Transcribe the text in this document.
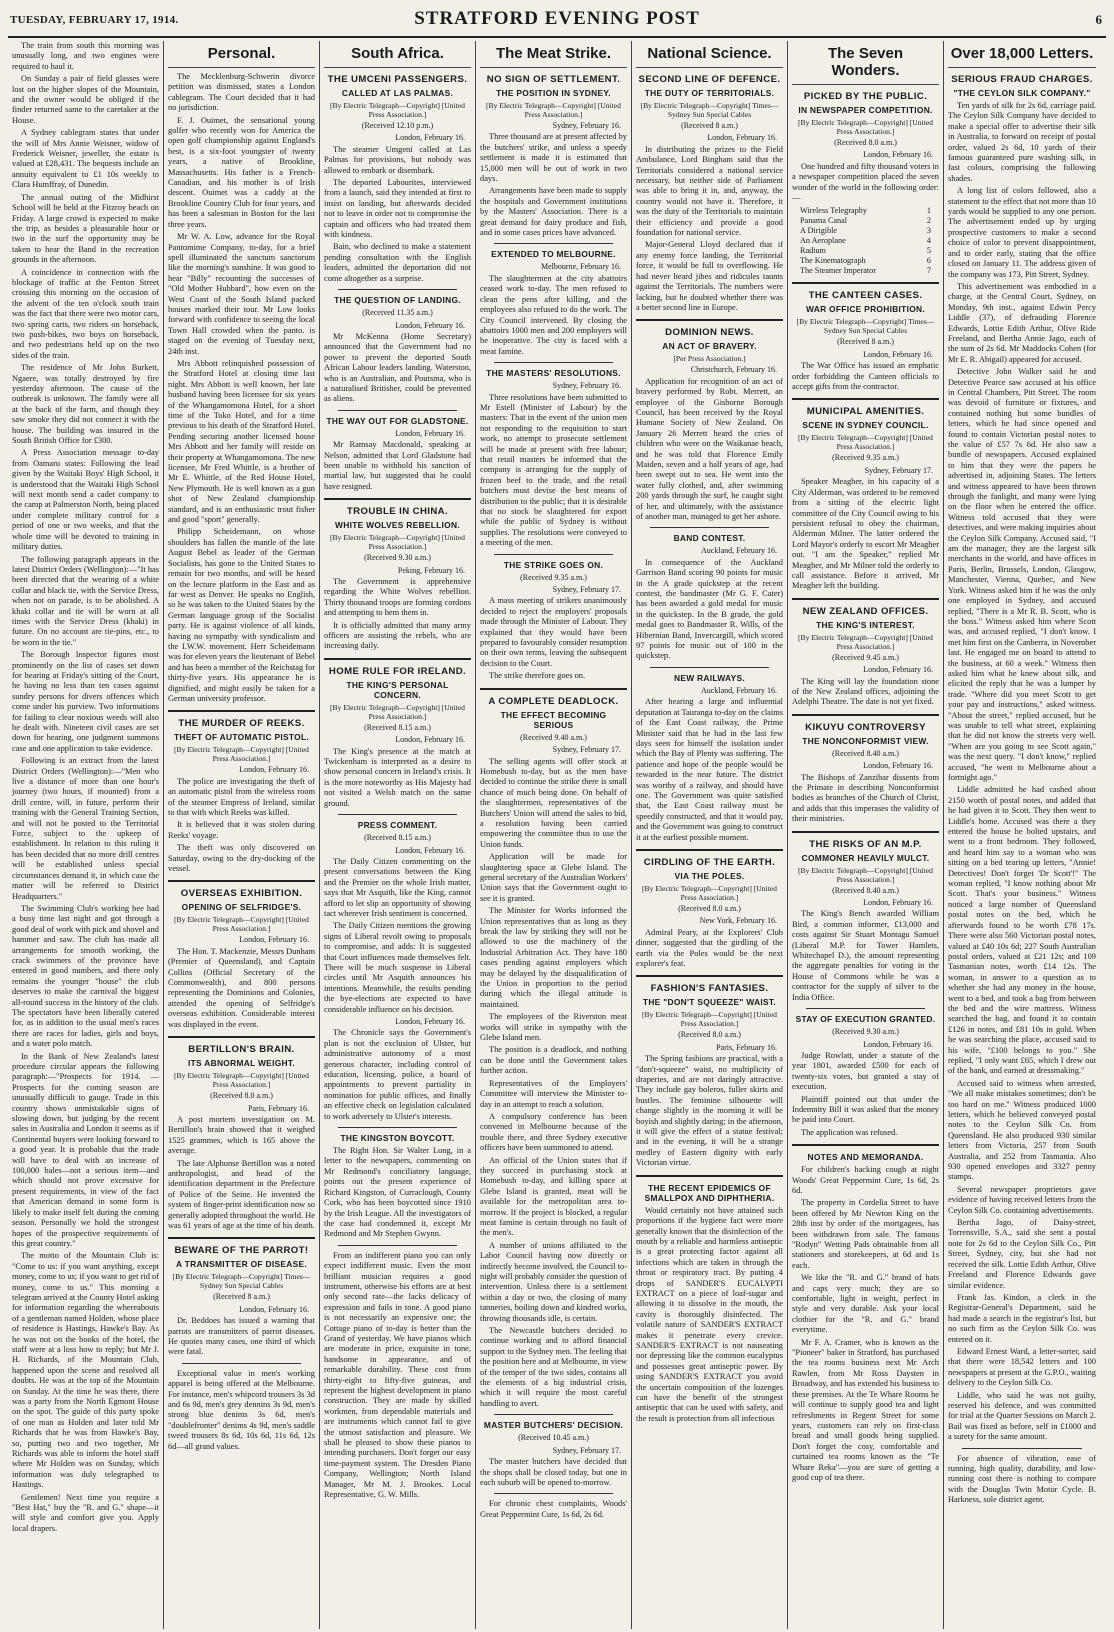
TUESDAY, FEBRUARY 17, 1914.	STRATFORD EVENING POST	6

The train from south this morning was unusually long, and two engines were required to haul it.

On Sunday a pair of field glasses were lost on the higher slopes of the Mountain, and the owner would be obliged if the finder returned same to the caretaker at the House.

A Sydney cablegram states that under the will of Mrs Annie Weisner, widow of Frederick Weisner, jeweller, the estate is valued at £28,431. The bequests include an annuity equivalent to £1 10s weekly to Clara Humffray, of Dunedin.

The annual outing of the Midhirst School will be held at the Fitzroy beach on Friday. A large crowd is expected to make the trip, as besides a pleasurable hour or two in the surf the opportunity may be taken to hear the Band in the recreation grounds in the afternoon.

A coincidence in connection with the blockage of traffic at the Fenton Street crossing this morning on the occasion of the advent of the ten o'clock south train was the fact that there were two motor cars, two spring carts, two riders on horseback, two push-bikes, two boys on horseback, and two pedestrians held up on the two sides of the train.

The residence of Mr John Burkett, Ngaere, was totally destroyed by fire yesterday afternoon. The cause of the outbreak is unknown. The family were all at the back of the farm, and though they saw smoke they did not connect it with the house. The building was insured in the South British Office for £300.

A Press Association message to-day from Oamaru states: Following the lead given by the Waitaki Boys' High School, it is understood that the Waitaki High School will next month send a cadet company to the camp at Palmerston North, being placed under complete military control for a period of one or two weeks, and that the whole time will be devoted to training in military duties.

The following paragraph appears in the latest District Orders (Wellington):—"It has been directed that the wearing of a white collar and black tie, with the Service Dress, when not on parade, is to be abolished. A khaki collar and tie will be worn at all times with the Service Dress (khaki) in future. On no account are tie-pins, etc., to be worn in the tie."

The Borough Inspector figures most prominently on the list of cases set down for hearing at Friday's sitting of the Court, he having no less than ten cases against sundry persons for divers offences which come under his purview. Two informations for failing to clear noxious weeds will also be dealt with. Nineteen civil cases are set down for hearing, one judgment summons case and one application to take evidence.

Following is an extract from the latest District Orders (Wellington):—"Men who live a distance of more than one hour's journey (two hours, if mounted) from a drill centre, will, in future, perform their training with the General Training Section, and will not be posted to the Territorial Force, subject to the upkeep of establishment. In relation to this ruling it has been decided that no more drill centres will be established unless special circumstances demand it, in which case the matter will be referred to District Headquarters."

The Swimming Club's working bee had a busy time last night and got through a good deal of work with pick and shovel and hammer and saw. The club has made all arrangements for smooth working, the crack swimmers of the province have entered in good numbers, and there only remains the younger "house" the club deserves to make the carnival the biggest all-round success in the history of the club. The spectators have been liberally catered for, as in addition to the usual men's races there are races for ladies, girls and boys, and a water polo match.

In the Bank of New Zealand's latest procedure circular appears the following paragraph:—"Prospects for 1914. —Prospects for the coming season are unusually difficult to gauge. Trade in this country shows unmistakable signs of slowing down, but judging by the recent sales in Australia and London it seems as if Continental buyers were looking forward to a good year. It is probable that the trade will have to deal with an increase of 100,000 bales—not a serious item—and which should not prove excessive for present requirements, in view of the fact that American demand in some form is likely to make itself felt during the coming season. Personally we hold the strongest hopes of the prospective requirements of this great country."

The motto of the Mountain Club is: "Come to us: if you want anything, except money, come to us; if you want to get rid of money, come to us." This morning a telegram arrived at the County Hotel asking for information regarding the whereabouts of a gentleman named Holden, whose place of residence is Hastings, Hawke's Bay. As he was not on the books of the hotel, the staff were at a loss how to reply; but Mr J. H. Richards, of the Mountain Club, happened upon the scene and resolved all doubts. He was at the top of the Mountain on Sunday. At the time he was there, there was a party from the North Egmont House on the spot. The guide of this party spoke of one man as Holden and later told Mr Richards that he was from Hawke's Bay, so, putting two and two together, Mr Richards was able to inform the hotel staff where Mr Holden was on Sunday, which information was duly telegraphed to Hastings.

Gentlemen! Next time you require a "Best Hat," buy the "R. and G." shape—it will style and comfort give you. Apply local drapers.

Personal.

The Mecklenburg-Schwerin divorce petition was dismissed, states a London cablegram. The Court decided that it had no jurisdiction.

F. J. Ouimet, the sensational young golfer who recently won for America the open golf championship against England's best, is a six-foot youngster of twenty years, a native of Brookline, Massachusetts. His father is a French-Canadian, and his mother is of Irish descent. Ouimet was a caddy at the Brookline Country Club for four years, and has been a salesman in Boston for the last three years.

Mr W. A. Low, advance for the Royal Pantomime Company, to-day, for a brief spell illuminated the sanctum sanctorum like the morning's sunshine. It was good to hear "Billy" recounting the successes of "Old Mother Hubbard", how even on the West Coast of the South Island packed houses marked their tour. Mr Low looks forward with confidence to seeing the local Town Hall crowded when the panto. is staged on the evening of Tuesday next, 24th inst.

Mrs Abbott relinquished possession of the Stratford Hotel at closing time last night. Mrs Abbott is well known, her late husband having been licensee for six years of the Whangamomona Hotel, for a short time of the Toko Hotel, and for a time previous to his death of the Stratford Hotel. Pending securing another licensed house Mrs Abbott and her family will reside on their property at Whangamomona. The new licensee, Mr Fred Whittle, is a brother of Mr E. Whittle, of the Red House Hotel, New Plymouth. He is well known as a gun shot of New Zealand championship standard, and is an enthusiastic trout fisher and good "sport" generally.

Philipp Scheidemann, on whose shoulders has fallen the mantle of the late August Bebel as leader of the German Socialists, has gone to the United States to remain for two months, and will be heard on the lecture platform in the East and as far west as Denver. He speaks no English, so he was taken to the United States by the German language group of the Socialist party. He is against violence of all kinds, having no sympathy with syndicalism and the I.W.W. movement. Herr Scheidemann was for eleven years the lieutenant of Bebel and has been a member of the Reichstag for thirty-five years. His appearance he is dignified, and might easily be taken for a German university professor.

THE MURDER OF REEKS.
THEFT OF AUTOMATIC PISTOL.
[By Electric Telegraph—Copyright] [United Press Association.]
London, February 16.

The police are investigating the theft of an automatic pistol from the wireless room of the steamer Empress of Ireland, similar to that with which Reeks was killed.

It is believed that it was stolen during Reeks' voyage.

The theft was only discovered on Saturday, owing to the dry-docking of the vessel.

OVERSEAS EXHIBITION.
OPENING OF SELFRIDGE'S.
[By Electric Telegraph—Copyright] [United Press Association.]
London, February 16.

The Hon. T. Mackenzie, Messrs Dunham (Premier of Queensland), and Captain Collins (Official Secretary of the Commonwealth), and 800 persons representing the Dominions and Colonies, attended the opening of Selfridge's overseas exhibition. Considerable interest was displayed in the event.

BERTILLON'S BRAIN.
ITS ABNORMAL WEIGHT.
[By Electric Telegraph—Copyright] [United Press Association.]
(Received 8.0 a.m.)
Paris, February 16.

A post mortem investigation on M. Bertillon's brain showed that it weighed 1525 grammes, which is 165 above the average.

The late Alphonse Bertillon was a noted anthropologist, and head of the identification department in the Prefecture of Police of the Seine. He invented the system of finger-print identification now so generally adopted throughout the world. He was 61 years of age at the time of his death.

BEWARE OF THE PARROT!
A TRANSMITTER OF DISEASE.
[By Electric Telegraph—Copyright] Times—Sydney Sun Special Cables
(Received 8 a.m.)
London, February 16.

Dr. Beddoes has issued a warning that parrots are transmitters of parrot diseases. He quotes many cases, one third of which were fatal.

Exceptional value in men's working apparel is being offered at the Melbourne. For instance, men's whipcord trousers 3s 3d and 6s 9d, men's grey dennins 3s 9d, men's strong blue denims 3s 6d, men's "doublefronter" denims 4s 9d, men's saddle tweed trousers 8s 6d, 10s 6d, 11s 6d, 12s 6d—all grand values.

South Africa.
THE UMCENI PASSENGERS.
CALLED AT LAS PALMAS.
[By Electric Telegraph—Copyright] [United Press Association.]
(Received 12.10 p.m.)
London, February 16.

The steamer Umgeni called at Las Palmas for provisions, but nobody was allowed to embark or disembark.

The deported Labourites, interviewed from a launch, said they intended at first to insist on landing, but afterwards decided not to leave in order not to compromise the captain and officers who had treated them with kindness.

Bain, who declined to make a statement pending consultation with the English leaders, admitted the deportation did not come altogether as a surprise.

THE QUESTION OF LANDING.
(Received 11.35 a.m.)
London, February 16.

Mr McKenna (Home Secretary) announced that the Government had no power to prevent the deported South African Labour leaders landing. Waterston, who is an Australian, and Poutsma, who is a naturalised Britisher, could be prevented as aliens.

THE WAY OUT FOR GLADSTONE.
London, February 16.

Mr Ramsay Macdonald, speaking at Nelson, admitted that Lord Gladstone had been unable to withhold his sanction of martial law, but suggested that he could have resigned.

TROUBLE IN CHINA.
WHITE WOLVES REBELLION.
[By Electric Telegraph—Copyright] [United Press Association.]
(Received 9.30 a.m.)
Peking, February 16.

The Government is apprehensive regarding the White Wolves rebellion. Thirty thousand troops are forming cordons and attempting to hem them in.

It is officially admitted that many army officers are assisting the rebels, who are increasing daily.

HOME RULE FOR IRELAND.
THE KING'S PERSONAL CONCERN.
[By Electric Telegraph—Copyright] [United Press Association.]
(Received 8.15 a.m.)
London, February 16.

The King's presence at the match at Twickenham is interpreted as a desire to show personal concern in Ireland's crisis. It is the more noteworthy as His Majesty had not visited a Welsh match on the same ground.

PRESS COMMENT.
(Received 8.15 a.m.)
London, February 16.

The Daily Citizen commenting on the present conversations between the King and the Premier on the whole Irish matter, says that Mr Asquith, like the King, cannot afford to let slip an opportunity of showing tact wherever Irish sentiment is concerned.

The Daily Citizen mentions the growing signs of Liberal revolt owing to proposals to compromise, and adds: It is suggested that Court influences made themselves felt. There will be much suspense in Liberal circles until Mr Asquith announces his intentions. Meanwhile, the results pending the bye-elections are expected to have considerable influence on his decision.

London, February 16.

The Chronicle says the Government's plan is not the exclusion of Ulster, but administrative autonomy of a most generous character, including control of education, licensing, police, a board of appointments to prevent partiality in nomination for public offices, and finally an effective check on legislation calculated to work adversely to Ulster's interests.

THE KINGSTON BOYCOTT.

The Right Hon. Sir Walter Long, in a letter to the newspapers, commenting on Mr Redmond's conciliatory language, points out the present experience of Richard Kingston, of Curraclough, County Cork, who has been boycotted since 1910 by the Irish League. All the investigators of the case had condemned it, except Mr Redmond and Mr Stephen Gwynn.

From an indifferent piano you can only expect indifferent music. Even the most brilliant musician requires a good instrument, otherwise his efforts are at best only second rate—the lacks delicacy of expression and fails in tone. A good piano is not necessarily an expensive one; the Cottage piano of to-day is better than the Grand of yesterday. We have pianos which are moderate in price, exquisite in tone, handsome in appearance, and of remarkable durability. These cost from thirty-eight to fifty-five guineas, and represent the highest development in piano construction. They are made by skilled workmen, from dependable materials and are instruments which cannot fail to give the utmost satisfaction and pleasure. We shall be pleased to show these pianos to intending purchasers. Don't forget our easy time-payment system. The Dresden Piano Company, Wellington; North Island Manager, Mr M. J. Brookes. Local Representative, G. W. Mills.

The Meat Strike.
NO SIGN OF SETTLEMENT.
THE POSITION IN SYDNEY.
[By Electric Telegraph—Copyright] [United Press Association.]
Sydney, February 16.

Three thousand are at present affected by the butchers' strike, and unless a speedy settlement is made it is estimated that 15,000 men will be out of work in two days.

Arrangements have been made to supply the hospitals and Government institutions by the Masters' Association. There is a great demand for dairy produce and fish, and in some cases prices have advanced.

EXTENDED TO MELBOURNE.
Melbourne, February 16.

The slaughtermen at the city abattoirs ceased work to-day. The men refused to clean the pens after killing, and the employees also refused to do the work. The City Council intervened. By closing the abattoirs 1000 men and 200 employers will be inoperative. The city is faced with a meat famine.

THE MASTERS' RESOLUTIONS.
Sydney, February 16.

Three resolutions have been submitted to Mr Estell (Minister of Labour) by the masters: That in the event of the union men not responding to the requisition to start work, no attempt to prosecute settlement will be made at present with free labour; that retail masters be informed that the company is arranging for the supply of frozen beef to the trade, and the retail butchers must devise the best means of distribution to the public; that it is desirable that no stock be slaughtered for export while the public of Sydney is without supplies. The resolutions were conveyed to a meeting of the men.

THE STRIKE GOES ON.
(Received 9.35 a.m.)
Sydney, February 17.

A mass meeting of strikers unanimously decided to reject the employers' proposals made through the Minister of Labour. They explained that they would have been prepared to favourably consider resumption on their own terms, leaving the subsequent decision to the Court.

The strike therefore goes on.

A COMPLETE DEADLOCK.
THE EFFECT BECOMING SERIOUS
(Received 9.40 a.m.)
Sydney, February 17.

The selling agents will offer stock at Homebush to-day, but as the men have decided to continue the strike there is small chance of much being done. On behalf of the slaughtermen, representatives of the Butchers' Union will attend the sales to bid, a resolution having been carried empowering the committee thus to use the Union funds.

Application will be made for slaughtering space at Glebe Island. The general secretary of the Australian Workers' Union says that the Government ought to see it is granted.

The Minister for Works informed the Union representatives that as long as they break the law by striking they will not be allowed to use the machinery of the Industrial Arbitration Act. They have 180 cases pending against employers which may be delayed by the disqualification of the Union in proportion to the period during which the illegal attitude is maintained.

The employees of the Riverston meat works will strike in sympathy with the Glebe Island men.

The position is a deadlock, and nothing can be done until the Government takes further action.

Representatives of the Employers' Committee will interview the Minister to-day in an attempt to reach a solution.

A compulsory conference has been convened in Melbourne because of the trouble there, and three Sydney executive officers have been summoned to attend.

An official of the Union states that if they succeed in purchasing stock at Homebush to-day, and killing space at Glebe Island is granted, meat will be available for the metropolitan area to-morrow. If the project is blocked, a regular meat famine is certain through no fault of the men's.

A number of unions affiliated to the Labor Council having now directly or indirectly become involved, the Council to-night will probably consider the question of intervention. Unless there is a settlement within a day or two, the closing of many tanneries, boiling down and kindred works, throwing thousands idle, is certain.

The Newcastle butchers decided to continue working and to afford financial support to the Sydney men. The feeling that the position here and at Melbourne, in view of the temper of the two sides, contains all the elements of a big industrial crisis, which it will require the most careful handling to avert.

MASTER BUTCHERS' DECISION.
(Received 10.45 a.m.)
Sydney, February 17.

The master butchers have decided that the shops shall be closed today, but one in each suburb will be opened to-morrow.

For chronic chest complaints, Woods' Great Peppermint Cure, 1s 6d, 2s 6d.

National Science.
SECOND LINE OF DEFENCE.
THE DUTY OF TERRITORIALS.
[By Electric Telegraph—Copyright] Times—Sydney Sun Special Cables
(Received 8 a.m.)
London, February 16.

In distributing the prizes to the Field Ambulance, Lord Bingham said that the Territorials considered a national service necessary, but neither side of Parliament was able to bring it in, and, anyway, the country would not have it. Therefore, it was the duty of the Territorials to maintain their efficiency and provide a good foundation for national service.

Major-General Lloyd declared that if any enemy force landing, the Territorial force, it would be full to overflowing. He had never heard jibes and ridicules taunts against the Territorials. The numbers were lacking, but he doubted whether there was a better second line in Europe.

DOMINION NEWS.
AN ACT OF BRAVERY.
[Per Press Association.]
Christchurch, February 16.

Application for recognition of an act of bravery performed by Robt. Merrett, an employee of the Gisborne Borough Council, has been received by the Royal Humane Society of New Zealand. On January 26 Merrett heard the cries of children who were on the Waikanae beach, and he was told that Florence Emily Maiden, seven and a half years of age, had been swept out to sea. He went into the water fully clothed, and, after swimming 200 yards through the surf, he caught sight of her, and ultimately, with the assistance of another man, managed to get her ashore.

BAND CONTEST.
Auckland, February 16.

In consequence of the Auckland Garrison Band scoring 90 points for music in the A grade quickstep at the recent contest, the bandmaster (Mr G. F. Cater) has been awarded a gold medal for music in the quickstep. In the B grade, the gold medal goes to Bandmaster R. Wills, of the Hibernian Band, Invercargill, which scored 97 points for music out of 100 in the quickstep.

NEW RAILWAYS.
Auckland, February 16.

After hearing a large and influential deputation at Tauranga to-day on the claims of the East Coast railway, the Prime Minister said that he had in the last few days seen for himself the isolation under which the Bay of Plenty was suffering. The patience and hope of the people would be rewarded in the near future. The district was worthy of a railway, and should have one. The Government was quite satisfied that, the East Coast railway must be speedily constructed, and that it would pay, and the Government was going to construct it at the earliest possible moment.

CIRDLING OF THE EARTH.
VIA THE POLES.
[By Electric Telegraph—Copyright] [United Press Association.]
(Received 8.0 a.m.)
New York, February 16.

Admiral Peary, at the Explorers' Club dinner, suggested that the girdling of the earth via the Poles would be the next explorer's feat.

FASHION'S FANTASIES.
THE "DON'T SQUEEZE" WAIST.
[By Electric Telegraph—Copyright] [United Press Association.]
(Received 8.0 a.m.)
Paris, February 16.

The Spring fashions are practical, with a "don't-squeeze" waist, no multiplicity of draperies, and are not daringly attractive. They include gay boleros, fuller skirts and bustles. The feminine silhouette will change slightly in the morning it will be boyish and slightly daring; in the afternoon, it will give the effect of a statue festival; and in the evening, it will be a strange medley of Eastern dignity with early Victorian virtue.

THE RECENT EPIDEMICS OF SMALLPOX AND DIPHTHERIA.

Would certainly not have attained such proportions if the hygiene fact were more generally known that the disinfection of the mouth by a reliable and harmless antiseptic is a great protecting factor against all infections which are taken in through the throat or respiratory tract. By putting 4 drops of SANDER'S EUCALYPTI EXTRACT on a piece of loaf-sugar and allowing it to dissolve in the mouth, the cavity is thoroughly disinfected. The volatile nature of SANDER'S EXTRACT makes it penetrate every crevice. SANDER'S EXTRACT is not nauseating nor depressing like the common eucalyptus and possesses great antiseptic power. By using SANDER'S EXTRACT you avoid the uncertain composition of the lozenges can have the benefit of the strongest antiseptic that can be used with safety, and the result is protection from all infectious

The Seven Wonders.
PICKED BY THE PUBLIC.
IN NEWSPAPER COMPETITION.
[By Electric Telegraph—Copyright] [United Press Association.]
(Received 8.0 a.m.)
London, February 16.

One hundred and fifty thousand voters in a newspaper competition placed the seven wonder of the world in the following order:—

Wireless Telegraphy	1
Panama Canal	2
A Dirigible	3
An Aeroplane	4
Radium	5
The Kinematograph	6
The Steamer Imperator	7
THE CANTEEN CASES.
WAR OFFICE PROHIBITION.
[By Electric Telegraph—Copyright] Times—Sydney Sun Special Cables
(Received 8 a.m.)
London, February 16.

The War Office has issued an emphatic order forbidding the Canteen officials to accept gifts from the contractor.

MUNICIPAL AMENITIES.
SCENE IN SYDNEY COUNCIL.
[By Electric Telegraph—Copyright] [United Press Association.]
(Received 9.35 a.m.)
Sydney, February 17.

Speaker Meagher, in his capacity of a City Alderman, was ordered to be removed from a sitting of the electric light committee of the City Council owing to his persistent refusal to obey the chairman, Alderman Milner. The latter ordered the Lord Mayor's orderly to escort Mr Meagher out. "I am the Speaker," replied Mr Meagher, and Mr Milner told the orderly to call assistance. Before it arrived, Mr Meagher left the building.

NEW ZEALAND OFFICES.
THE KING'S INTEREST.
[By Electric Telegraph—Copyright] [United Press Association.]
(Received 9.45 a.m.)
London, February 16.

The King will lay the foundation stone of the New Zealand offices, adjoining the Adelphi Theatre. The date is not yet fixed.

KIKUYU CONTROVERSY
THE NONCONFORMIST VIEW.
(Received 8.40 a.m.)
London, February 16.

The Bishops of Zanzibar dissents from the Primate in describing Nonconformist bodies as branches of the Church of Christ, and adds that this imperases the validity of their ministries.

THE RISKS OF AN M.P.
COMMONER HEAVILY MULCT.
[By Electric Telegraph—Copyright] [United Press Association.]
(Received 8.40 a.m.)
London, February 16.

The King's Bench awarded William Bird, a common informer, £13,000 and costs against Sir Stuart Montagu Samuel (Liberal M.P. for Tower Hamlets, Whitechapel D.), the amount representing the aggregate penalties for voting in the House of Commons while he was a contractor for the supply of silver to the India Office.

STAY OF EXECUTION GRANTED.
(Received 9.30 a.m.)
London, February 16.

Judge Rowlatt, under a statute of the year 1801, awarded £500 for each of twenty-six votes, but granted a stay of execution.

Plaintiff pointed out that under the Indemnity Bill it was asked that the money be paid into Court.

The application was refused.

NOTES AND MEMORANDA.

For children's hacking cough at night Woods' Great Peppermint Cure, 1s 6d, 2s 6d.

The property in Cordelia Street to have been offered by Mr Newton King on the 28th inst by order of the mortgagees, has been withdrawn from sale. The famous "Rodyn" Wetting Pads obtainable from all stationers and storekeepers, at 6d and 1s each.

We like the "R. and G." brand of hats and caps very much; they are so comfortable, light in weight, perfect in style and very durable. Ask your local clothier for the "R. and G." brand everytime.

Mr F. A. Cramer, who is known as the "Pioneer" baker in Stratford, has purchased the tea rooms business next Mr Arch Rawlen, from Mr Ross Daysten in Broadway, and has extended his business to these premises. At the Te Whare Rooms he will continue to supply good tea and light refreshments in Regent Street for some years, customers can rely on first-class bread and small goods being supplied. Don't forget the cosy, comfortable and curtained tea rooms known as the "Te Whare Reka"—you are sure of getting a good cup of tea there.

Over 18,000 Letters.
SERIOUS FRAUD CHARGES.
"THE CEYLON SILK COMPANY."

Ten yards of silk for 2s 6d, carriage paid. The Ceylon Silk Company have decided to make a special offer to advertise their silk in Australia, to forward on receipt of postal order, valued 2s 6d, 10 yards of their famous guaranteed pure washing silk, in fast colours, comprising the following shades.

A long list of colors followed, also a statement to the effect that not more than 10 yards would be supplied to any one person. The advertisement ended up by urging prospective customers to make a second choice of color to prevent disappointment, and to order early, stating that the office closed on January 11. The address given of the company was 173, Pitt Street, Sydney.

This advertisement was embodied in a charge, at the Central Court, Sydney, on Monday, 9th inst., against Edwin Percy Liddle (37), of defrauding Florence Edwards, Lottie Edith Arthur, Olive Ride Freeland, and Bertha Annie Jago, each of the sum of 2s 6d. Mr Maddocks Cohen (for Mr E. R. Abigail) appeared for accused.

Detective John Walker said he and Detective Pearce saw accused at his office in Central Chambers, Pitt Street. The room was devoid of furniture or fixtures, and contained nothing but some bundles of letters, which he had since opened and found to contain Victorian postal notes to the value of £57 7s 6d. He also saw a bundle of newspapers. Accused explained to him that they were the papers he advertised in, adjoining States. The letters and witness appeared to have been thrown through the fanlight, and many were lying on the floor when he entered the office. Witness told accused that they were detectives, and were making inquiries about the Ceylon Silk Company. Accused said, "I am the manager, they are the largest silk merchants in the world, and have offices in Paris, Berlin, Brussels, London, Glasgow, Manchester, Vienna, Quebec, and New York. Witness asked him if he was the only one employed in Sydney, and accused replied, "There is a Mr R. B. Scott, who is the boss." Witness asked him where Scott was, and accused replied, "I don't know. I met him first on the Canberra, in November last. He engaged me on board to attend to the business, at 60 a week." Witness then asked him what he knew about silk, and elicited the reply that he was a lumper by trade. "Where did you meet Scott to get your pay and instructions," asked witness. "About the street," replied accused, but he was unable to tell what street, explaining that he did not know the streets very well. "When are you going to see Scott again," was the next query. "I don't know," replied accused, "he went to Melbourne about a fortnight ago."

Liddle admitted he had cashed about 2150 worth of postal notes, and added that he had given it to Scott. They then went to Liddle's home. Accused was there a they entered the house he bolted upstairs, and went to a front bedroom. They followed, and heard him say to a woman who was sitting on a bed tearing up letters, "Annie! Detectives! Don't forget 'Dr Scott'!" The woman replied, "I know nothing about Mr Scott. That's your business." Witness noticed a large number of Queensland postal notes on the bed, which he afterwards found to be worth £78 17s. There were also 560 Victorian postal notes, valued at £40 10s 6d; 227 South Australian postal orders, valued at £21 12s; and 109 Tasmanian notes, worth £14 12s. The woman, in answer to a question as to whether she had any money in the house, went to a bed, and took a bag from between the bed and the wire mattress. Witness searched the bag, and found it to contain £126 in notes, and £81 10s in gold. When he was searching the place, accused said to his wife, "£100 belongs to you." She replied, "I only want £65, which I drew out of the bank, and earned at dressmaking."

Accused said to witness when arrested, "We all make mistakes sometimes; don't be too hard on me." Witness produced 1000 letters, which he believed conveyed postal notes to the Ceylon Silk Co. from Queensland. He also produced 930 similar letters from Victoria, 257 from South Australia, and 252 from Tasmania. Also 930 opened envelopes and 3327 penny stamps.

Several newspaper proprietors gave evidence of having received letters from the Ceylon Silk Co. containing advertisements.

Bertha Jago, of Daisy-street, Torrensville, S.A., said she sent a postal note for 2s 6d to the Ceylon Silk Co., Pitt Street, Sydney, city, but she had not received the silk. Lottie Edith Arthur, Olive Freeland and Florence Edwards gave similar evidence.

Frank Jas. Kindon, a clerk in the Registrar-General's Department, said he had made a search in the registrar's list, but no such firm as the Ceylon Silk Co. was entered on it.

Edward Ernest Ward, a letter-sorter, said that there were 18,542 letters and 100 newspapers at present at the G.P.O., waiting delivery to the Ceylon Silk Co.

Liddle, who said he was not guilty, reserved his defence, and was committed for trial at the Quarter Sessions on March 2. Bail was fixed as before, self in £1000 and a surety for the same amount.

For absence of vibration, ease of running, high quality, durability, and low-running cost there is nothing to compare with the Douglas Twin Motor Cycle. B. Harkness, sole district agent.
